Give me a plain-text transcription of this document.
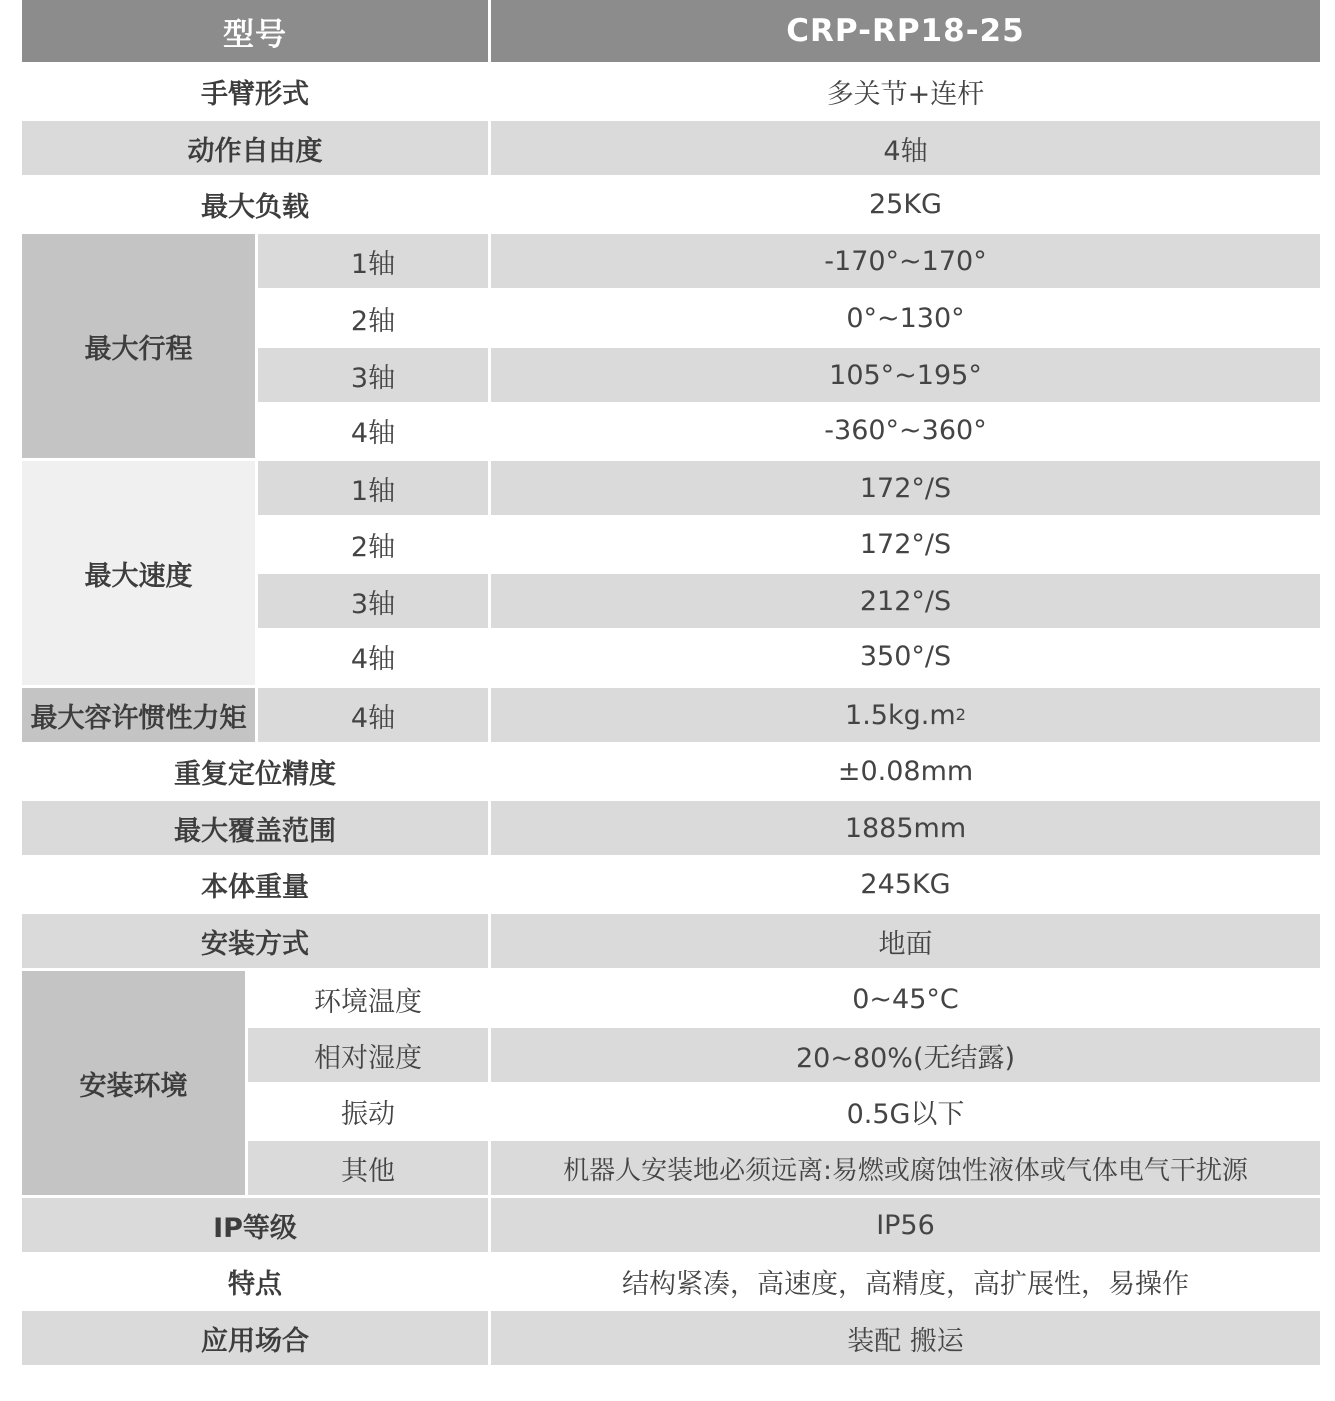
型号	CRP-RP18-25
手臂形式	多关节+连杆
动作自由度	4轴
最大负载	25KG
最大行程
1轴	-170°~170°
2轴	0°~130°
3轴	105°~195°
4轴	-360°~360°
最大速度
1轴	172°/S
2轴	172°/S
3轴	212°/S
4轴	350°/S
最大容许惯性力矩	4轴	1.5kg.m 2
重复定位精度	±0.08mm
最大覆盖范围	1885mm
本体重量	245KG
安装方式	地面
安装环境
环境温度	0~45°C
相对湿度	20~80%(无结露)
振动	0.5G以下
其他	机器人安装地必须远离:易燃或腐蚀性液体或气体电气干扰源
IP等级	IP56
特点	结构紧凑，高速度，高精度，高扩展性，易操作
应用场合	装配 搬运
